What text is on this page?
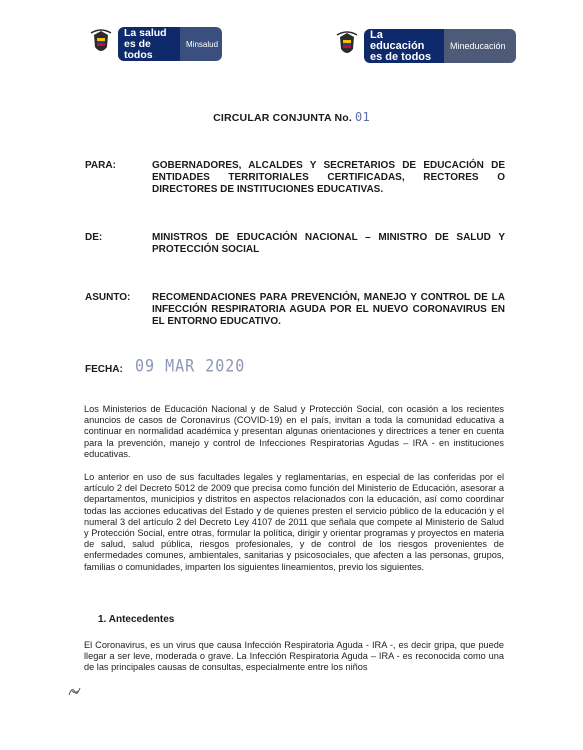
La salud es de todos
Minsalud
La educación es de todos
Mineducación
CIRCULAR CONJUNTA No. 01
PARA:	GOBERNADORES, ALCALDES Y SECRETARIOS DE EDUCACIÓN DE ENTIDADES TERRITORIALES CERTIFICADAS, RECTORES O DIRECTORES DE INSTITUCIONES EDUCATIVAS.
DE:	MINISTROS DE EDUCACIÓN NACIONAL – MINISTRO DE SALUD Y PROTECCIÓN SOCIAL
ASUNTO: RECOMENDACIONES PARA PREVENCIÓN, MANEJO Y CONTROL DE LA INFECCIÓN RESPIRATORIA AGUDA POR EL NUEVO CORONAVIRUS EN EL ENTORNO EDUCATIVO.
FECHA: 09 MAR 2020
Los Ministerios de Educación Nacional y de Salud y Protección Social, con ocasión a los recientes anuncios de casos de Coronavirus (COVID-19) en el país, invitan a toda la comunidad educativa a continuar en normalidad académica y presentan algunas orientaciones y directrices a tener en cuenta para la prevención, manejo y control de Infecciones Respiratorias Agudas – IRA - en instituciones educativas.
Lo anterior en uso de sus facultades legales y reglamentarias, en especial de las conferidas por el artículo 2 del Decreto 5012 de 2009 que precisa como función del Ministerio de Educación, asesorar a departamentos, municipios y distritos en aspectos relacionados con la educación, así como coordinar todas las acciones educativas del Estado y de quienes presten el servicio público de la educación y el numeral 3 del artículo 2 del Decreto Ley 4107 de 2011 que señala que compete al Ministerio de Salud y Protección Social, entre otras, formular la política, dirigir y orientar programas y proyectos en materia de salud, salud pública, riesgos profesionales, y de control de los riesgos provenientes de enfermedades comunes, ambientales, sanitarias y psicosociales, que afecten a las personas, grupos, familias o comunidades, imparten los siguientes lineamientos, previo los siguientes.
1. Antecedentes
El Coronavirus, es un virus que causa Infección Respiratoria Aguda - IRA -, es decir gripa, que puede llegar a ser leve, moderada o grave. La Infección Respiratoria Aguda – IRA - es reconocida como una de las principales causas de consultas, especialmente entre los niños
